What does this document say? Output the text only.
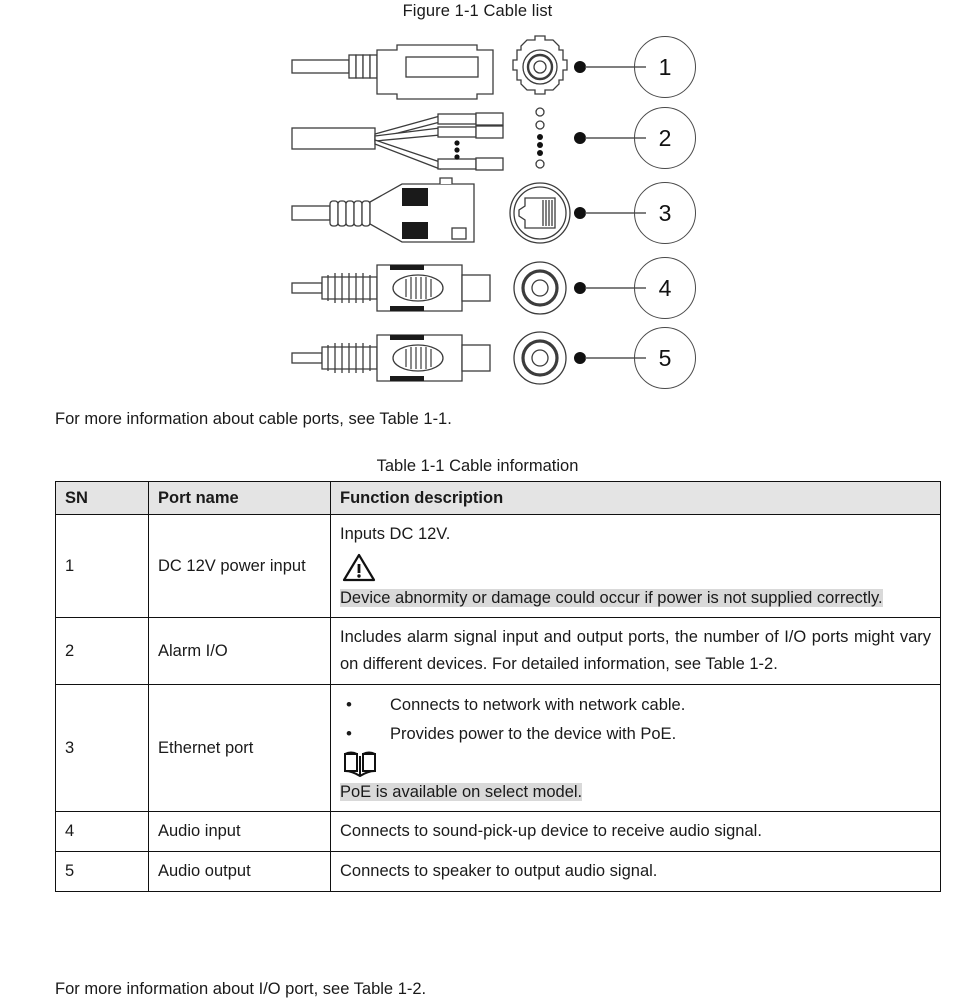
Figure 1-1 Cable list
1
2
3
4
5
For more information about cable ports, see Table 1-1.
Table 1-1 Cable information
SN	Port name	Function description
1	DC 12V power input	Inputs DC 12V.
Device abnormity or damage could occur if power is not supplied correctly.

2	Alarm I/O	Includes alarm signal input and output ports, the number of I/O ports might vary on different devices. For detailed information, see Table 1-2.
3	Ethernet port	
• Connects to network with network cable.
• Provides power to the device with PoE.
PoE is available on select model.

4	Audio input	Connects to sound-pick-up device to receive audio signal.
5	Audio output	Connects to speaker to output audio signal.
For more information about I/O port, see Table 1-2.
